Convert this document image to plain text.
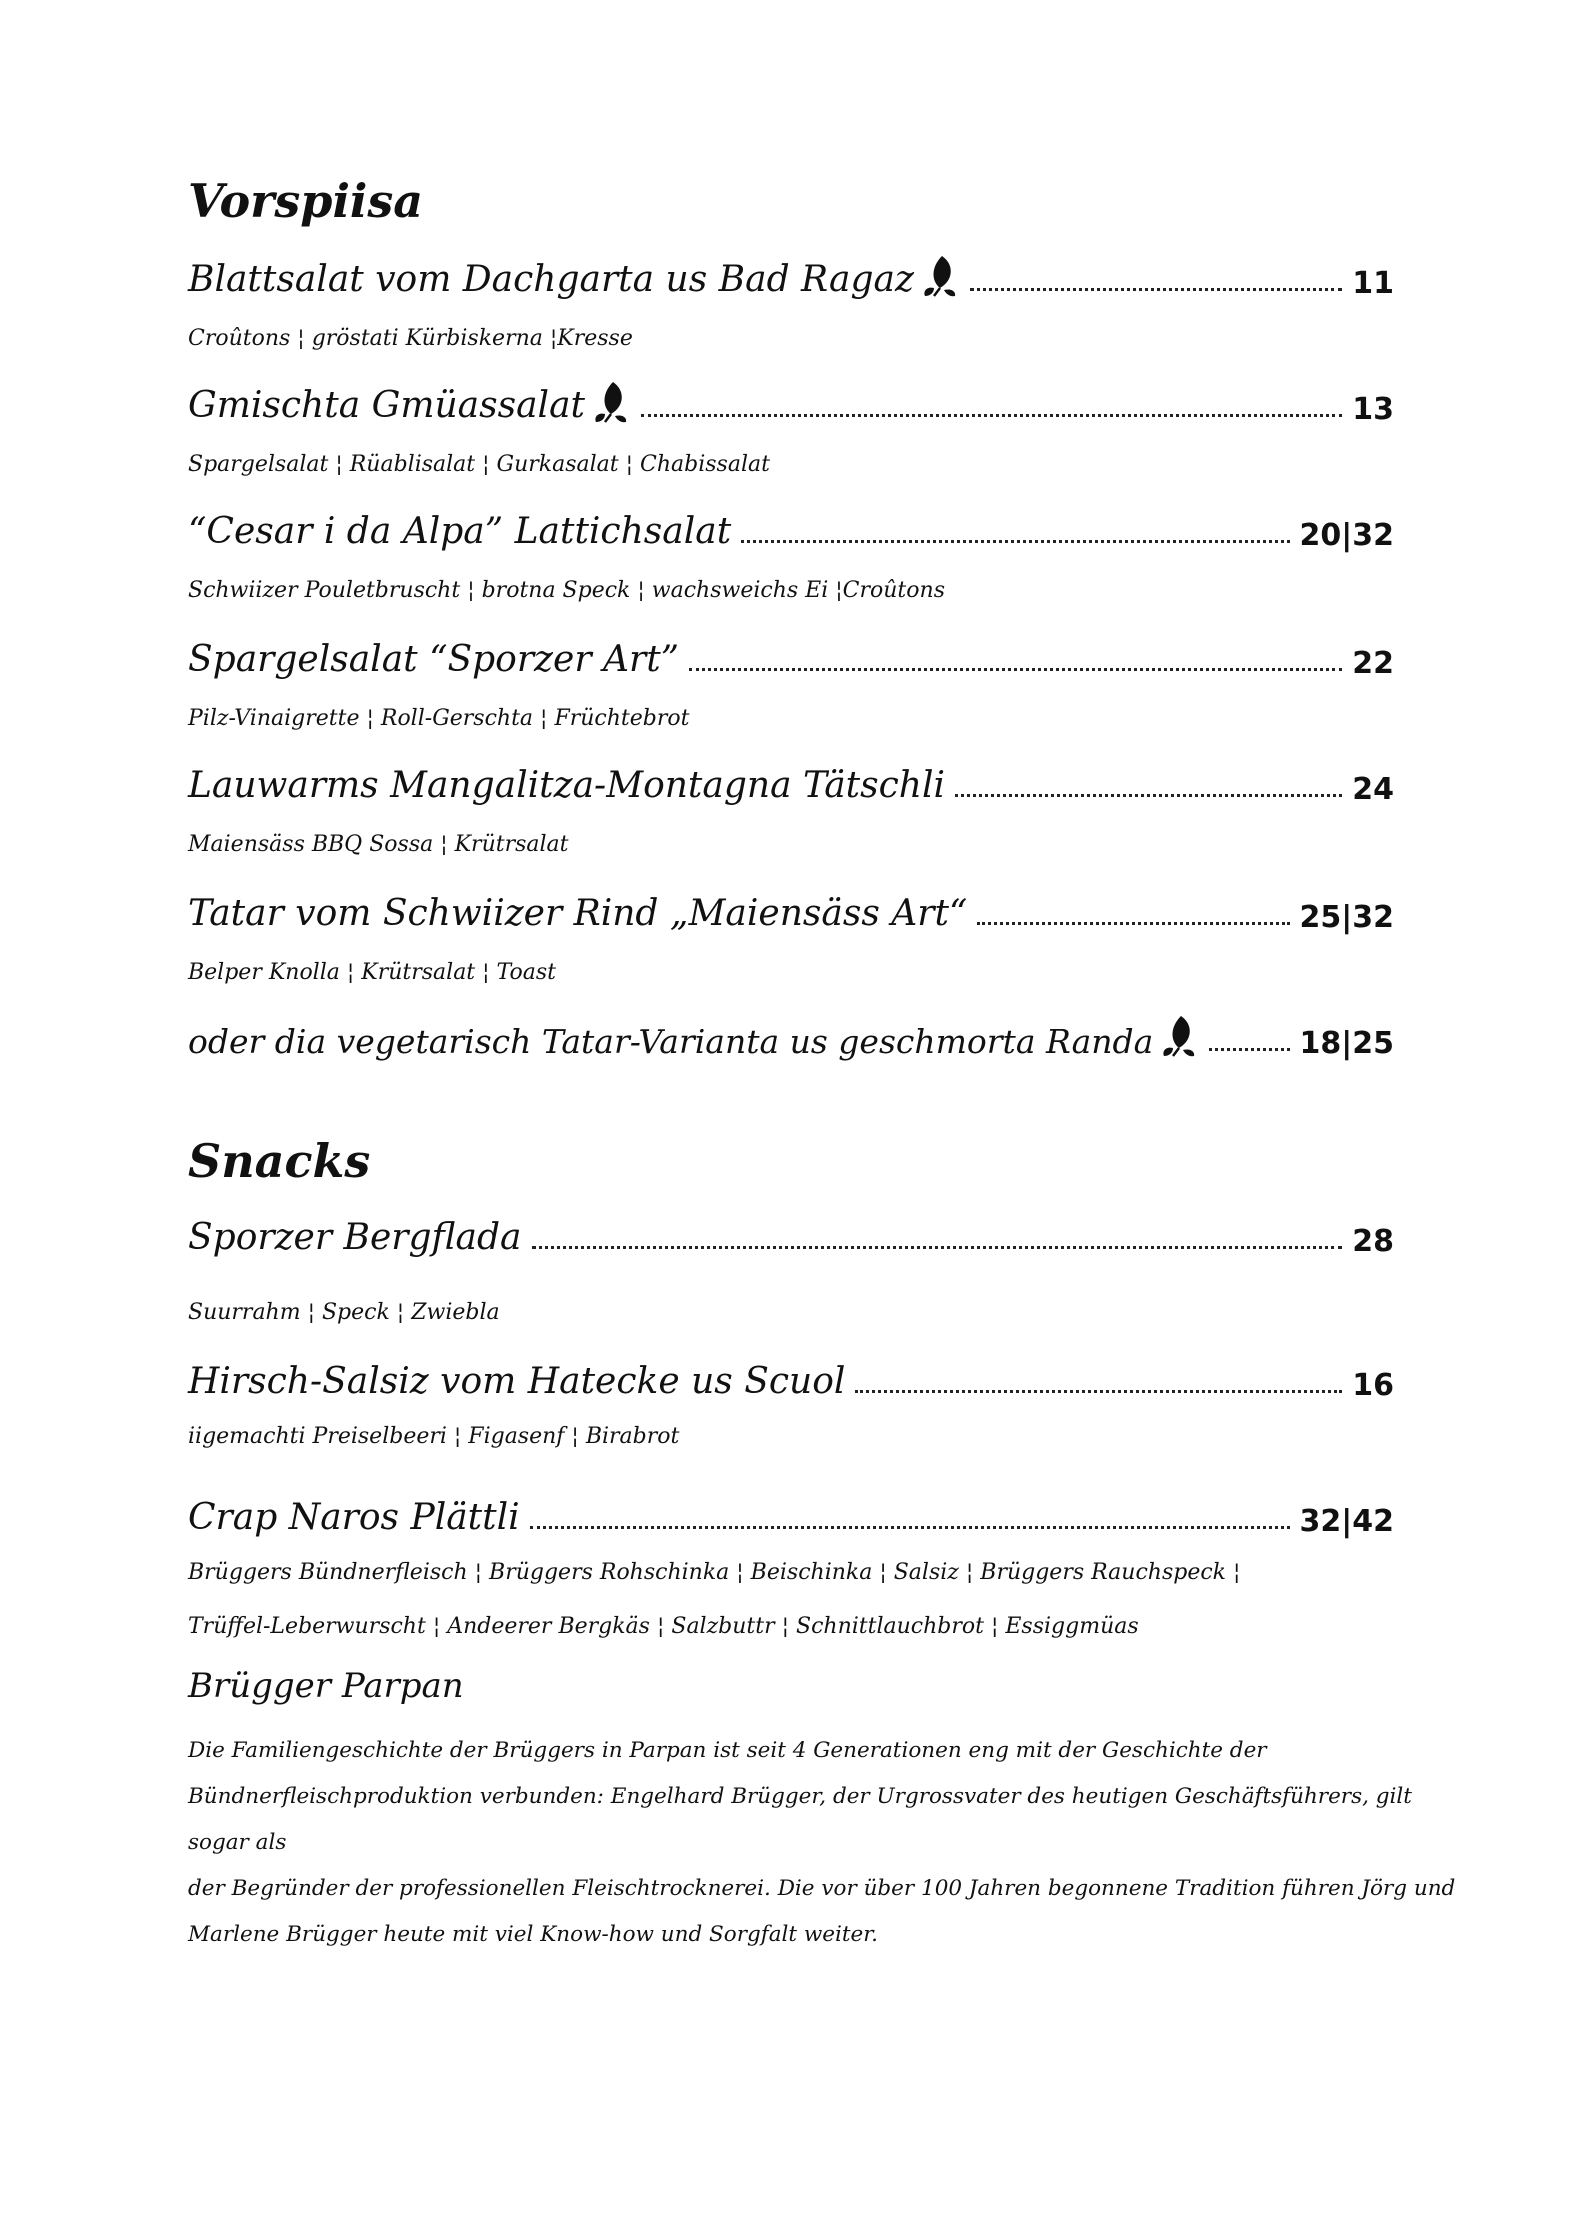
Vorspiisa
Blattsalat vom Dachgarta us Bad Ragaz	11
Croûtons ¦ gröstati Kürbiskerna ¦Kresse
Gmischta Gmüassalat	13
Spargelsalat ¦ Rüablisalat ¦ Gurkasalat ¦ Chabissalat
“Cesar i da Alpa” Lattichsalat	20|32
Schwiizer Pouletbruscht ¦ brotna Speck ¦ wachsweichs Ei ¦Croûtons
Spargelsalat “Sporzer Art”	22
Pilz-Vinaigrette ¦ Roll-Gerschta ¦ Früchtebrot
Lauwarms Mangalitza-Montagna Tätschli	24
Maiensäss BBQ Sossa ¦ Krütrsalat
Tatar vom Schwiizer Rind „Maiensäss Art“	25|32
Belper Knolla ¦ Krütrsalat ¦ Toast
oder dia vegetarisch Tatar-Varianta us geschmorta Randa	18|25
Snacks
Sporzer Bergflada	28
Suurrahm ¦ Speck ¦ Zwiebla
Hirsch-Salsiz vom Hatecke us Scuol	16
iigemachti Preiselbeeri ¦ Figasenf ¦ Birabrot
Crap Naros Plättli	32|42
Brüggers Bündnerfleisch ¦ Brüggers Rohschinka ¦ Beischinka ¦ Salsiz ¦ Brüggers Rauchspeck ¦
Trüffel-Leberwurscht ¦ Andeerer Bergkäs ¦ Salzbuttr ¦ Schnittlauchbrot ¦ Essiggmüas
Brügger Parpan
Die Familiengeschichte der Brüggers in Parpan ist seit 4 Generationen eng mit der Geschichte der
Bündnerfleischproduktion verbunden: Engelhard Brügger, der Urgrossvater des heutigen Geschäftsführers, gilt sogar als
der Begründer der professionellen Fleischtrocknerei. Die vor über 100 Jahren begonnene Tradition führen Jörg und
Marlene Brügger heute mit viel Know-how und Sorgfalt weiter.
